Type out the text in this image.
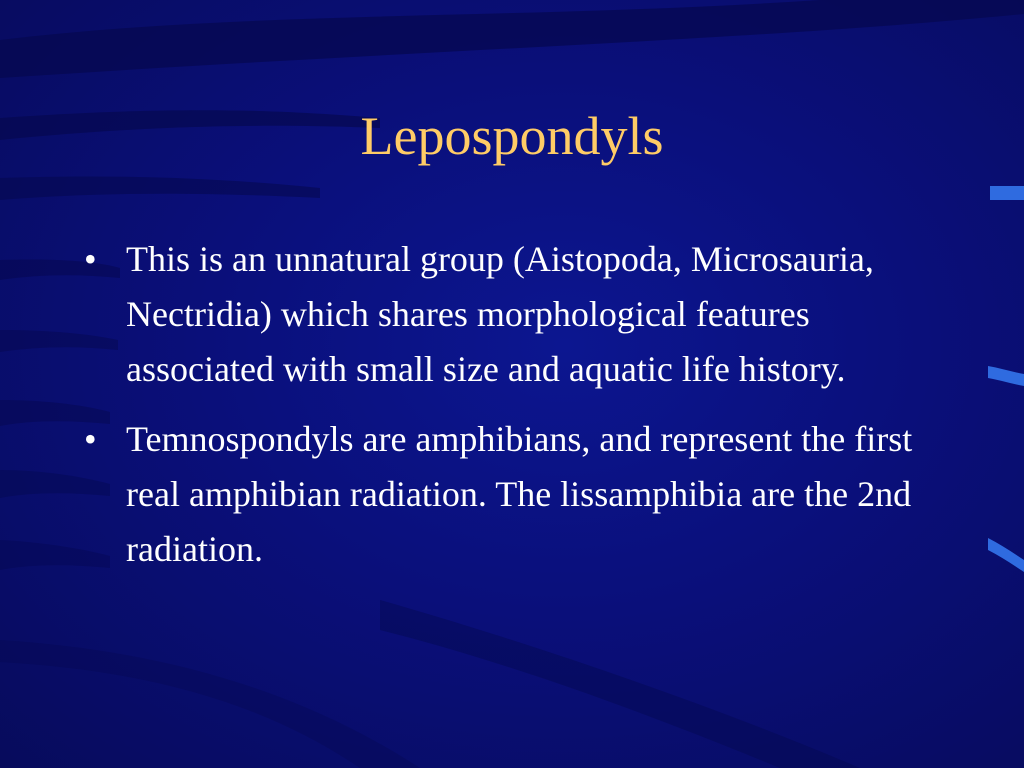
Lepospondyls
• This is an unnatural group (Aistopoda, Microsauria, Nectridia) which shares morphological features associated with small size and aquatic life history.
• Temnospondyls are amphibians, and represent the first real amphibian radiation. The lissamphibia are the 2nd radiation.
